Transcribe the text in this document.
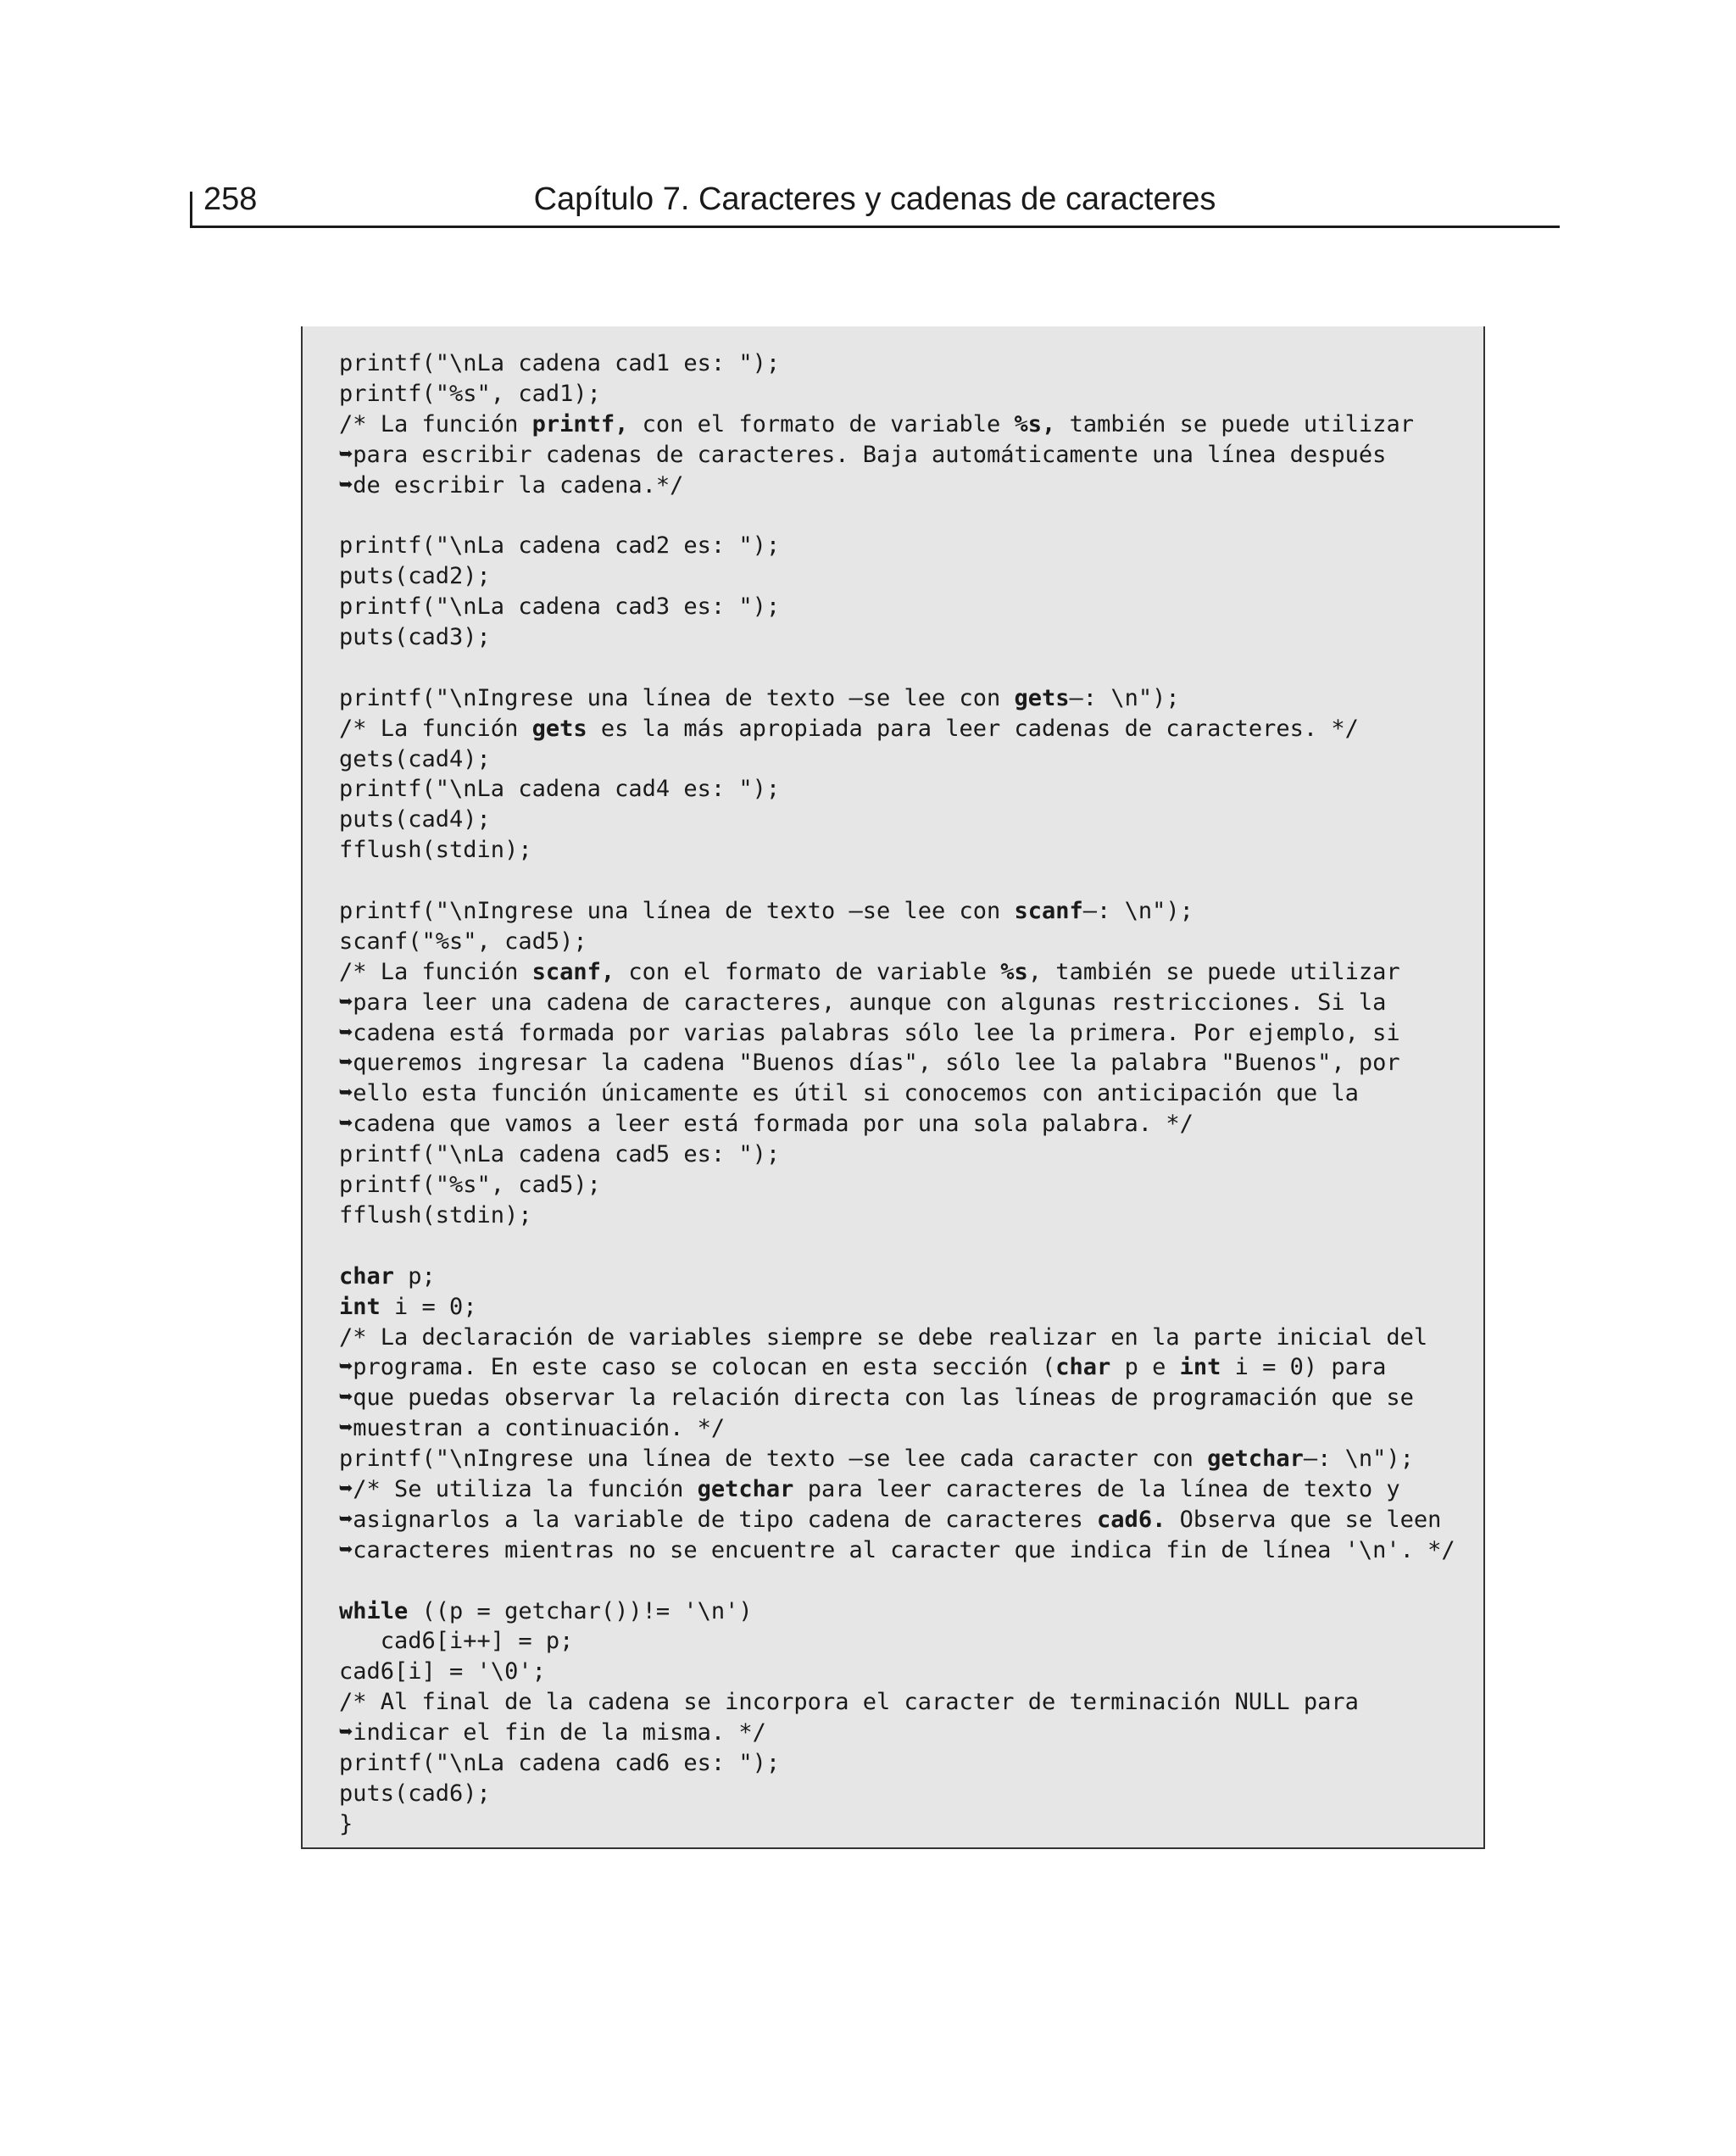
258	Capítulo 7. Caracteres y cadenas de caracteres
printf("\nLa cadena cad1 es: ");
printf("%s", cad1);
/* La función printf, con el formato de variable %s, también se puede utilizar
➥para escribir cadenas de caracteres. Baja automáticamente una línea después
➥de escribir la cadena.*/
printf("\nLa cadena cad2 es: ");
puts(cad2);
printf("\nLa cadena cad3 es: ");
puts(cad3);
printf("\nIngrese una línea de texto —se lee con gets—: \n");
/* La función gets es la más apropiada para leer cadenas de caracteres. */
gets(cad4);
printf("\nLa cadena cad4 es: ");
puts(cad4);
fflush(stdin);
printf("\nIngrese una línea de texto —se lee con scanf—: \n");
scanf("%s", cad5);
/* La función scanf, con el formato de variable %s, también se puede utilizar
➥para leer una cadena de caracteres, aunque con algunas restricciones. Si la
➥cadena está formada por varias palabras sólo lee la primera. Por ejemplo, si
➥queremos ingresar la cadena "Buenos días", sólo lee la palabra "Buenos", por
➥ello esta función únicamente es útil si conocemos con anticipación que la
➥cadena que vamos a leer está formada por una sola palabra. */
printf("\nLa cadena cad5 es: ");
printf("%s", cad5);
fflush(stdin);
char p;
int i = 0;
/* La declaración de variables siempre se debe realizar en la parte inicial del
➥programa. En este caso se colocan en esta sección (char p e int i = 0) para
➥que puedas observar la relación directa con las líneas de programación que se
➥muestran a continuación. */
printf("\nIngrese una línea de texto —se lee cada caracter con getchar—: \n");
➥/* Se utiliza la función getchar para leer caracteres de la línea de texto y
➥asignarlos a la variable de tipo cadena de caracteres cad6. Observa que se leen
➥caracteres mientras no se encuentre al caracter que indica fin de línea '\n'. */
while ((p = getchar())!= '\n')
cad6[i++] = p;
cad6[i] = '\0';
/* Al final de la cadena se incorpora el caracter de terminación NULL para
➥indicar el fin de la misma. */
printf("\nLa cadena cad6 es: ");
puts(cad6);
}
